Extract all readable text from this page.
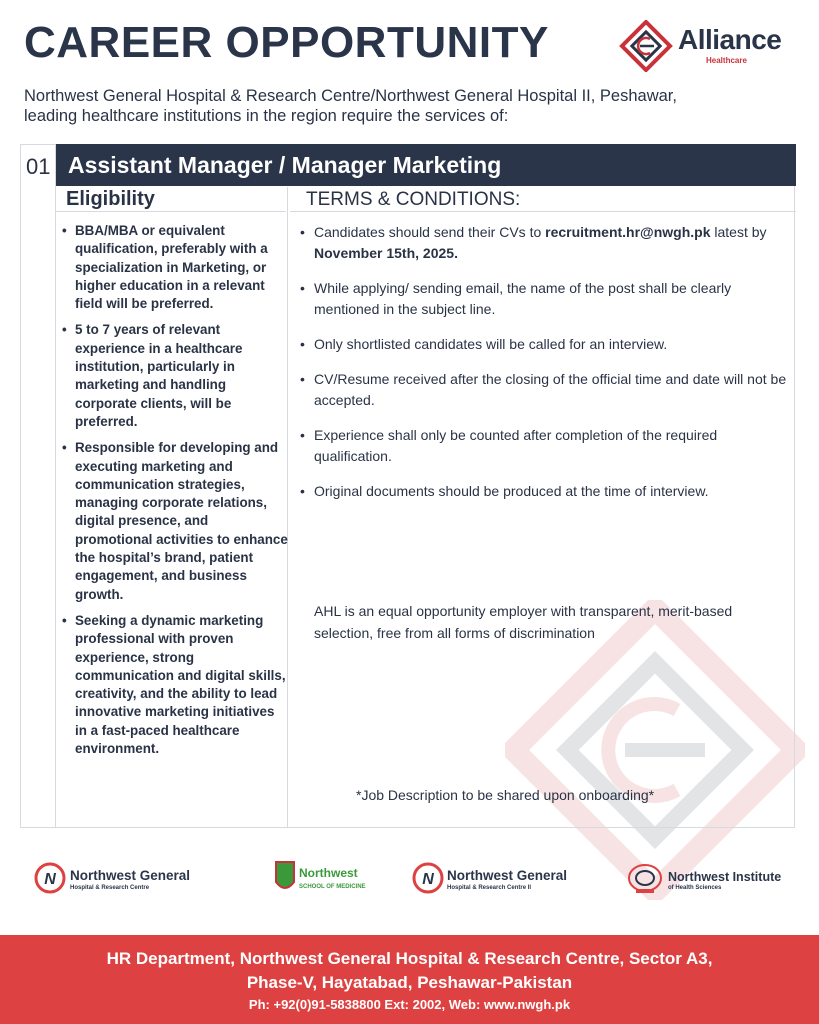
CAREER OPPORTUNITY	Alliance
Healthcare
Northwest General Hospital & Research Centre/Northwest General Hospital II, Peshawar,
leading healthcare institutions in the region require the services of:
01 Assistant Manager / Manager Marketing
Eligibility	TERMS & CONDITIONS:
• BBA/MBA or equivalent qualification, preferably with a specialization in Marketing, or higher education in a relevant field will be preferred.
• 5 to 7 years of relevant experience in a healthcare institution, particularly in marketing and handling corporate clients, will be preferred.
• Responsible for developing and executing marketing and communication strategies, managing corporate relations, digital presence, and promotional activities to enhance the hospital’s brand, patient engagement, and business growth.
• Seeking a dynamic marketing professional with proven experience, strong communication and digital skills, creativity, and the ability to lead innovative marketing initiatives in a fast-paced healthcare environment.
• Candidates should send their CVs to recruitment.hr@nwgh.pk latest by November 15th, 2025.
• While applying/ sending email, the name of the post shall be clearly mentioned in the subject line.
• Only shortlisted candidates will be called for an interview.
• CV/Resume received after the closing of the official time and date will not be accepted.
• Experience shall only be counted after completion of the required qualification.
• Original documents should be produced at the time of interview.
AHL is an equal opportunity employer with transparent, merit-based selection, free from all forms of discrimination
*Job Description to be shared upon onboarding*
N Northwest General
Hospital & Research Centre
Northwest
SCHOOL OF MEDICINE	N Northwest General
Hospital & Research Centre II
Northwest Institute
of Health Sciences
HR Department, Northwest General Hospital & Research Centre, Sector A3,
Phase-V, Hayatabad, Peshawar-Pakistan
Ph: +92(0)91-5838800 Ext: 2002, Web: www.nwgh.pk
